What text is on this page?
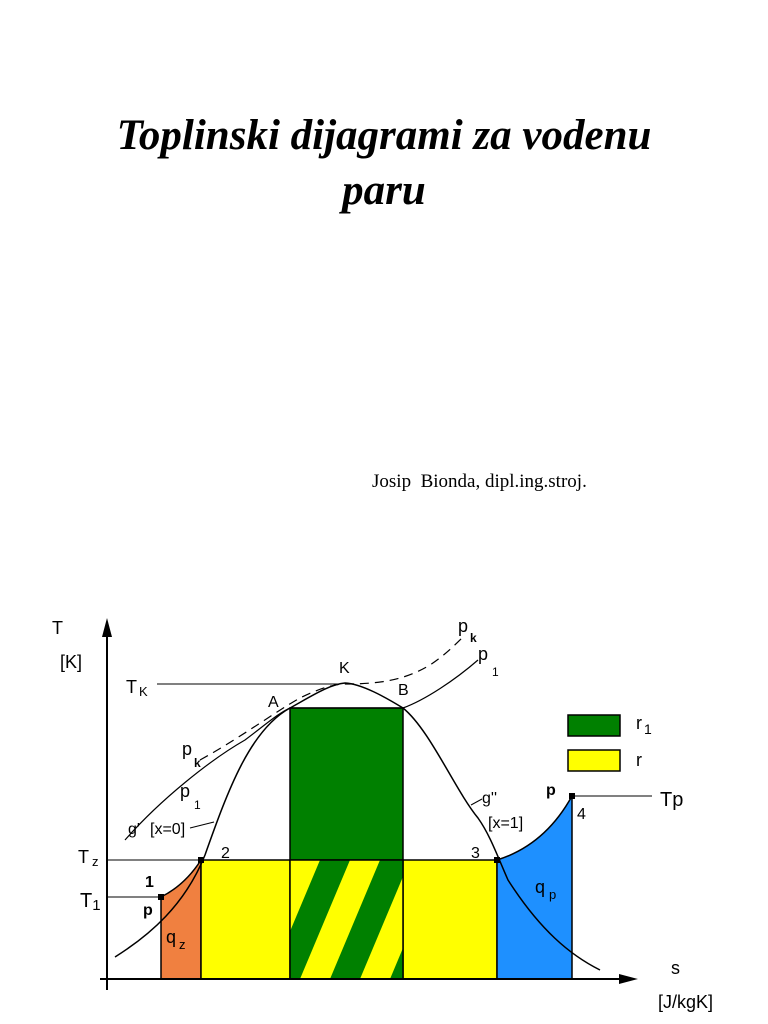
Toplinski dijagrami za vodenu
paru
Josip  Bionda, dipl.ing.stroj.
T
[K]
s
[J/kgK]
T K
T z
T1
Tp
A
B
K
1
2	3
4
p
p
$p_k$
$p_1$
$p_k$
$p_1$
g' [x=0]
g''
[x=1]
q $_z$
q $_p$
r $_1$
r
